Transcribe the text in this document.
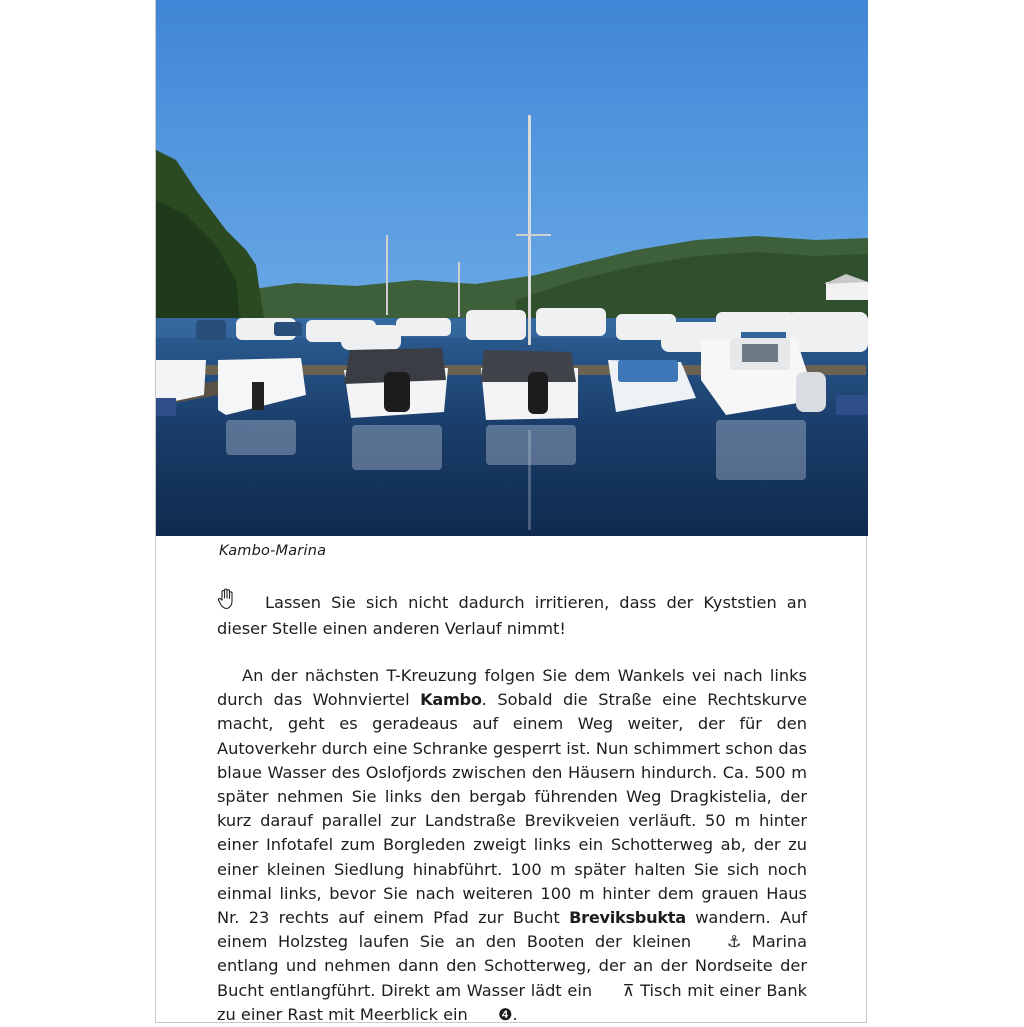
Kambo-Marina
Lassen Sie sich nicht dadurch irritieren, dass der Kyststien an dieser Stelle einen anderen Verlauf nimmt!
An der nächsten T-Kreuzung folgen Sie dem Wankels vei nach links durch das Wohnviertel Kambo. Sobald die Straße eine Rechtskurve macht, geht es geradeaus auf einem Weg weiter, der für den Autoverkehr durch eine Schranke gesperrt ist. Nun schimmert schon das blaue Wasser des Oslofjords zwischen den Häusern hindurch. Ca. 500 m später nehmen Sie links den bergab führenden Weg Dragkistelia, der kurz darauf parallel zur Landstraße Brevikveien verläuft. 50 m hinter einer Infotafel zum Borgleden zweigt links ein Schotterweg ab, der zu einer kleinen Siedlung hinabführt. 100 m später halten Sie sich noch einmal links, bevor Sie nach weiteren 100 m hinter dem grauen Haus Nr. 23 rechts auf einem Pfad zur Bucht Breviksbukta wandern. Auf einem Holzsteg laufen Sie an den Booten der kleinen ⚓ Marina entlang und nehmen dann den Schotterweg, der an der Nordseite der Bucht entlangführt. Direkt am Wasser lädt ein ⊼ Tisch mit einer Bank zu einer Rast mit Meerblick ein ❹.
